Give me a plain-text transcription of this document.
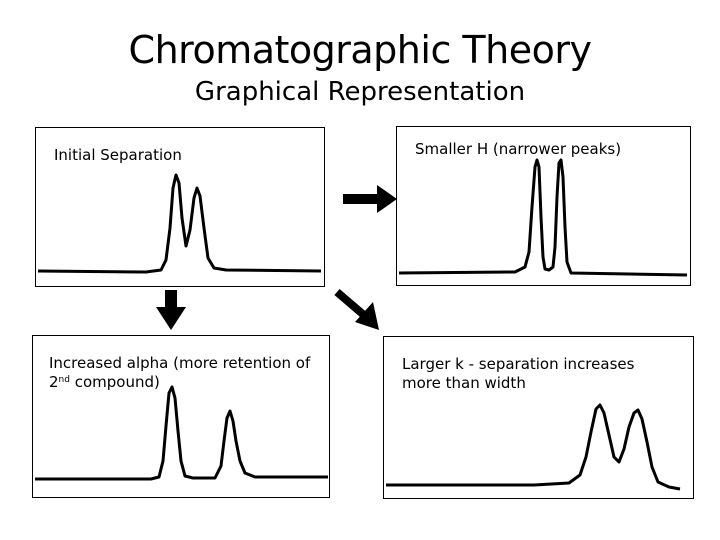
Chromatographic Theory
Graphical Representation
Initial Separation	Smaller H (narrower peaks)
Increased alpha (more retention of 2nd compound)
Larger k - separation increases more than width
